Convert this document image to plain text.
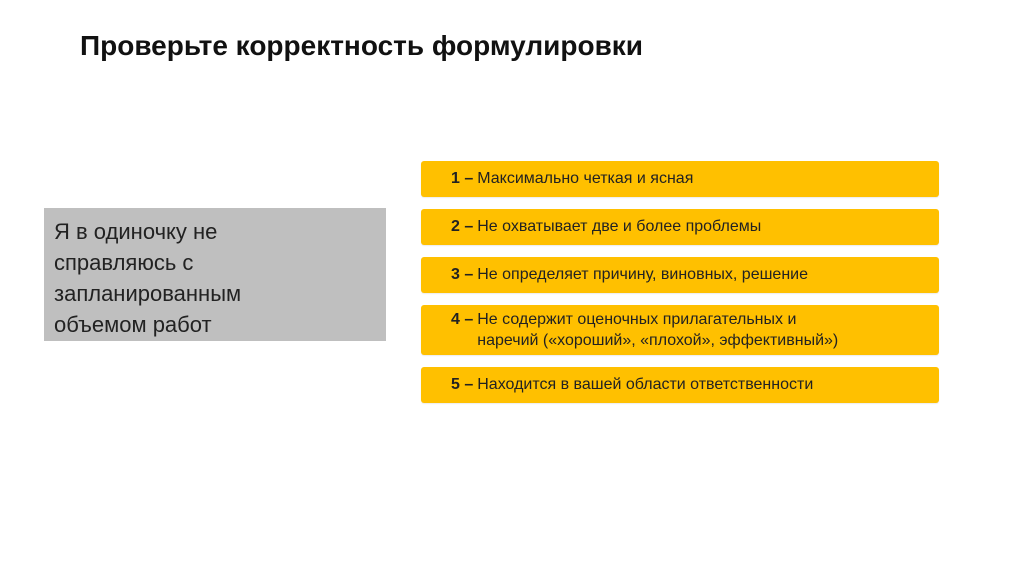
Проверьте корректность формулировки
Я в одиночку не
справляюсь с
запланированным
объемом работ
1 – Максимально четкая и ясная
2 – Не охватывает две и более проблемы
3 – Не определяет причину, виновных, решение
4 – Не содержит оценочных прилагательных и
наречий («хороший», «плохой», эффективный»)
5 – Находится в вашей области ответственности
